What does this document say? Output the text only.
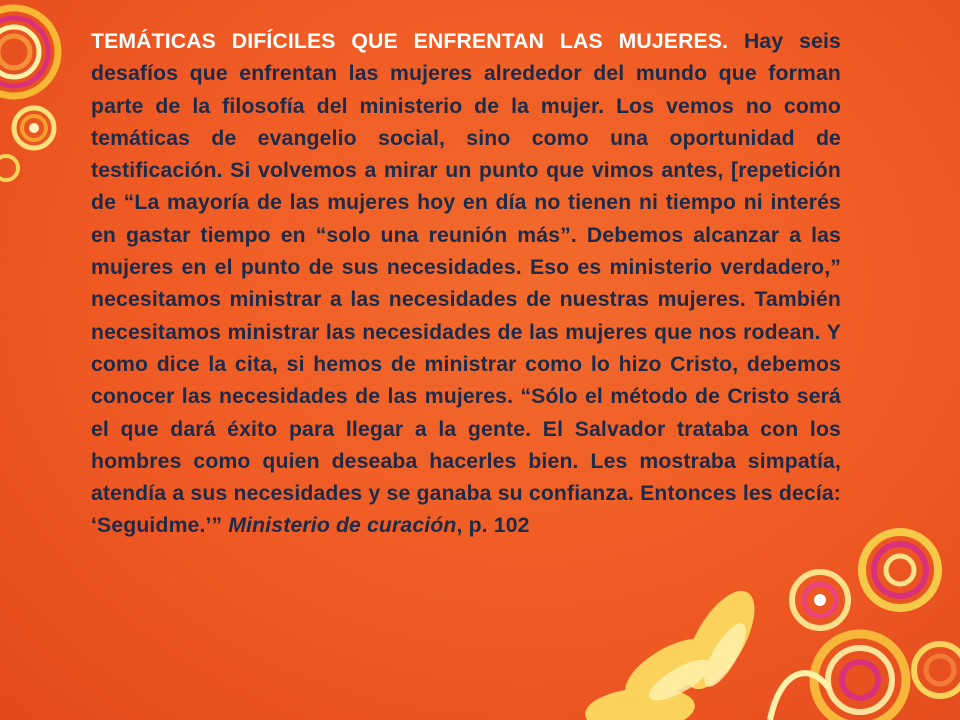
TEMÁTICAS DIFÍCILES QUE ENFRENTAN LAS MUJERES. Hay seis desafíos que enfrentan las mujeres alrededor del mundo que forman parte de la filosofía del ministerio de la mujer. Los vemos no como temáticas de evangelio social, sino como una oportunidad de testificación. Si volvemos a mirar un punto que vimos antes, [repetición de “La mayoría de las mujeres hoy en día no tienen ni tiempo ni interés en gastar tiempo en “solo una reunión más”. Debemos alcanzar a las mujeres en el punto de sus necesidades. Eso es ministerio verdadero,” necesitamos ministrar a las necesidades de nuestras mujeres. También necesitamos ministrar las necesidades de las mujeres que nos rodean. Y como dice la cita, si hemos de ministrar como lo hizo Cristo, debemos conocer las necesidades de las mujeres. “Sólo el método de Cristo será el que dará éxito para llegar a la gente. El Salvador trataba con los hombres como quien deseaba hacerles bien. Les mostraba simpatía, atendía a sus necesidades y se ganaba su confianza. Entonces les decía: ‘Seguidme.’” Ministerio de curación, p. 102
